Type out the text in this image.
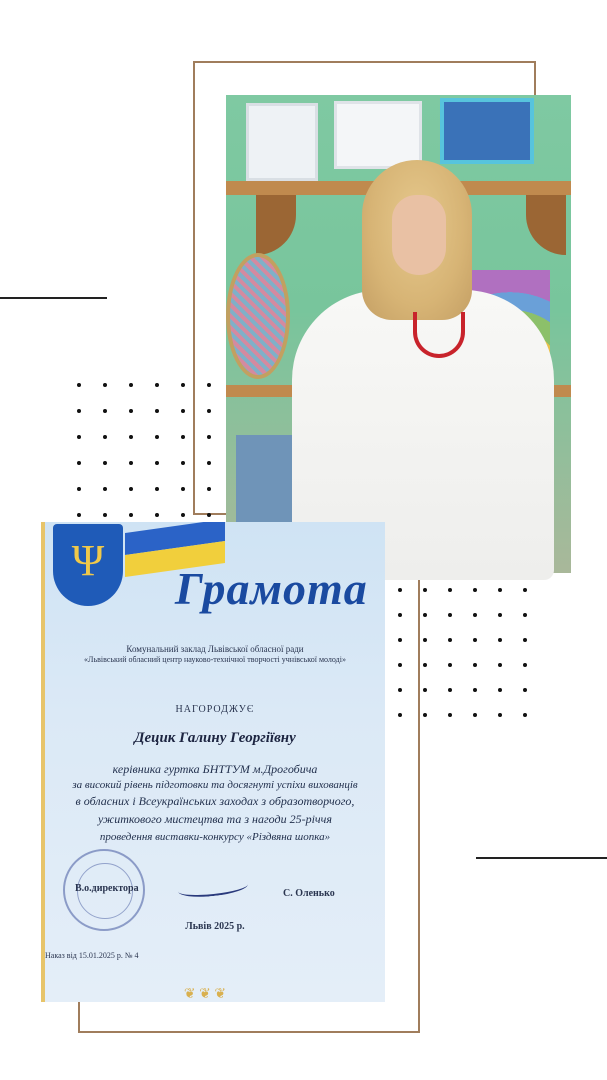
Ψ
Грамота
Комунальний заклад Львівської обласної ради
«Львівський обласний центр науково-технічної творчості учнівської молоді»
НАГОРОДЖУЄ
Децик Галину Георгіївну
керівника гуртка БНТТУМ м.Дрогобича
за високий рівень підготовки та досягнуті успіхи вихованців
в обласних і Всеукраїнських заходах з образотворчого,
ужиткового мистецтва та з нагоди 25-річчя
проведення виставки-конкурсу «Різдвяна шопка»
В.о.директора	С. Оленько
Львів 2025 р.
Наказ від 15.01.2025 р. № 4
❦ ❦ ❦
